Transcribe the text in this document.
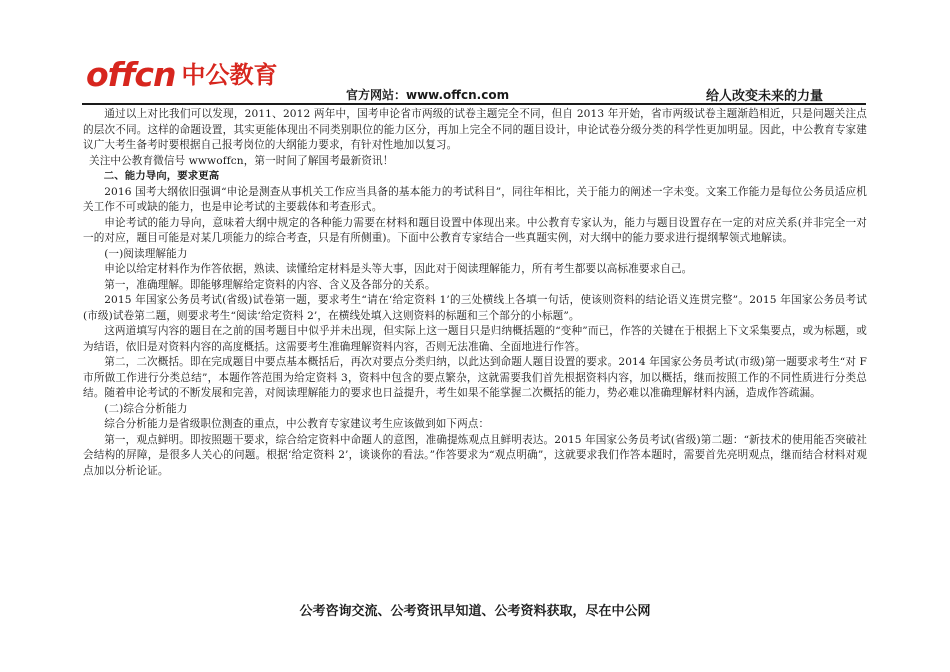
offcn 中公教育
官方网站：www.offcn.com	给人改变未来的力量

通过以上对比我们可以发现，2011、2012 两年中，国考申论省市两级的试卷主题完全不同，但自 2013 年开始，省市两级试卷主题渐趋相近，只是问题关注点的层次不同。这样的命题设置，其实更能体现出不同类别职位的能力区分，再加上完全不同的题目设计，申论试卷分级分类的科学性更加明显。因此，中公教育专家建议广大考生备考时要根据自己报考岗位的大纲能力要求，有针对性地加以复习。

关注中公教育微信号 wwwoffcn，第一时间了解国考最新资讯！

二、能力导向，要求更高

2016 国考大纲依旧强调“申论是测查从事机关工作应当具备的基本能力的考试科目”，同往年相比，关于能力的阐述一字未变。文案工作能力是每位公务员适应机关工作不可或缺的能力，也是申论考试的主要载体和考查形式。

申论考试的能力导向，意味着大纲中规定的各种能力需要在材料和题目设置中体现出来。中公教育专家认为，能力与题目设置存在一定的对应关系(并非完全一对一的对应，题目可能是对某几项能力的综合考查，只是有所侧重)。下面中公教育专家结合一些真题实例，对大纲中的能力要求进行提纲挈领式地解读。

(一)阅读理解能力

申论以给定材料作为作答依据，熟读、读懂给定材料是头等大事，因此对于阅读理解能力，所有考生都要以高标准要求自己。

第一，准确理解。即能够理解给定资料的内容、含义及各部分的关系。

2015 年国家公务员考试(省级)试卷第一题，要求考生“请在‘给定资料 1’的三处横线上各填一句话，使该则资料的结论语义连贯完整”。2015 年国家公务员考试(市级)试卷第二题，则要求考生“阅读‘给定资料 2’，在横线处填入这则资料的标题和三个部分的小标题”。

这两道填写内容的题目在之前的国考题目中似乎并未出现，但实际上这一题目只是归纳概括题的“变种”而已，作答的关键在于根据上下文采集要点，或为标题，或为结语，依旧是对资料内容的高度概括。这需要考生准确理解资料内容，否则无法准确、全面地进行作答。

第二，二次概括。即在完成题目中要点基本概括后，再次对要点分类归纳，以此达到命题人题目设置的要求。2014 年国家公务员考试(市级)第一题要求考生“对 F 市所做工作进行分类总结”，本题作答范围为给定资料 3，资料中包含的要点繁杂，这就需要我们首先根据资料内容，加以概括，继而按照工作的不同性质进行分类总结。随着申论考试的不断发展和完善，对阅读理解能力的要求也日益提升，考生如果不能掌握二次概括的能力，势必难以准确理解材料内涵，造成作答疏漏。

(二)综合分析能力

综合分析能力是省级职位测查的重点，中公教育专家建议考生应该做到如下两点：

第一，观点鲜明。即按照题干要求，综合给定资料中命题人的意图，准确提炼观点且鲜明表达。2015 年国家公务员考试(省级)第二题：“新技术的使用能否突破社会结构的屏障，是很多人关心的问题。根据‘给定资料 2’，谈谈你的看法。”作答要求为“观点明确”，这就要求我们作答本题时，需要首先亮明观点，继而结合材料对观点加以分析论证。

公考咨询交流、公考资讯早知道、公考资料获取，尽在中公网
